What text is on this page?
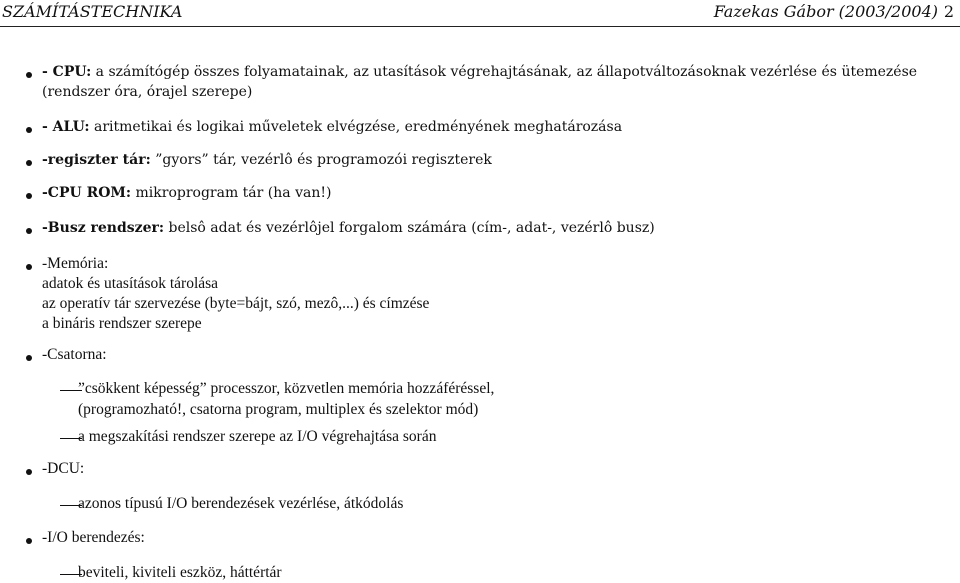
SZÁMÍTÁSTECHNIKA	Fazekas Gábor (2003/2004) 2
- CPU: a számítógép összes folyamatainak, az utasítások végrehajtásának, az állapotváltozásoknak vezérlése és ütemezése
(rendszer óra, órajel szerepe)
- ALU: aritmetikai és logikai műveletek elvégzése, eredményének meghatározása
-regiszter tár: ”gyors” tár, vezérlô és programozói regiszterek
-CPU ROM: mikroprogram tár (ha van!)
-Busz rendszer: belsô adat és vezérlôjel forgalom számára (cím-, adat-, vezérlô busz)
-Memória:
adatok és utasítások tárolása
az operatív tár szervezése (byte=bájt, szó, mezô,...) és címzése
a bináris rendszer szerepe
-Csatorna:
”csökkent képesség” processzor, közvetlen memória hozzáféréssel,
(programozható!, csatorna program, multiplex és szelektor mód)
a megszakítási rendszer szerepe az I/O végrehajtása során
-DCU:
azonos típusú I/O berendezések vezérlése, átkódolás
-I/O berendezés:
beviteli, kiviteli eszköz, háttértár
